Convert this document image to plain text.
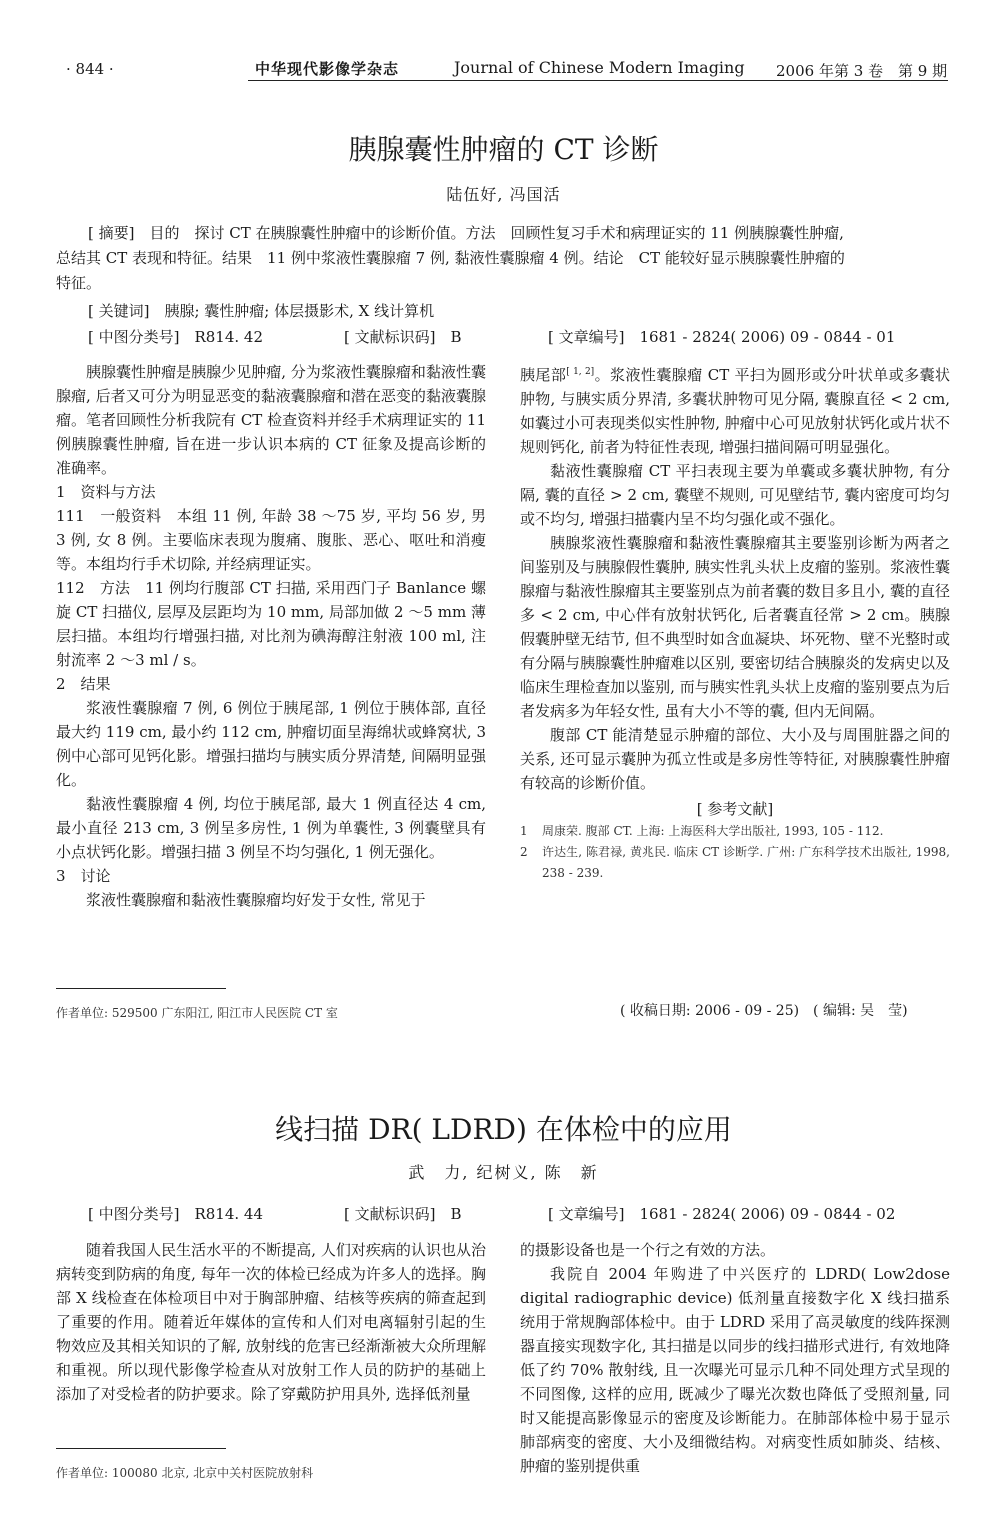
· 844 ·	中华现代影像学杂志	Journal of Chinese Modern Imaging 2006 年第 3 卷　第 9 期
胰腺囊性肿瘤的 CT 诊断
陆伍好, 冯国活
[ 摘要]　目的　探讨 CT 在胰腺囊性肿瘤中的诊断价值。方法　回顾性复习手术和病理证实的 11 例胰腺囊性肿瘤,
总结其 CT 表现和特征。结果　11 例中浆液性囊腺瘤 7 例, 黏液性囊腺瘤 4 例。结论　CT 能较好显示胰腺囊性肿瘤的
特征。
[ 关键词]　胰腺; 囊性肿瘤; 体层摄影术, X 线计算机
[ 中图分类号]　R814. 42	[ 文献标识码]　B	[ 文章编号]　1681 - 2824( 2006) 09 - 0844 - 01

胰腺囊性肿瘤是胰腺少见肿瘤, 分为浆液性囊腺瘤和黏液性囊腺瘤, 后者又可分为明显恶变的黏液囊腺瘤和潜在恶变的黏液囊腺瘤。笔者回顾性分析我院有 CT 检查资料并经手术病理证实的 11 例胰腺囊性肿瘤, 旨在进一步认识本病的 CT 征象及提高诊断的准确率。

1　资料与方法
111　一般资料　本组 11 例, 年龄 38 ～75 岁, 平均 56 岁, 男 3 例, 女 8 例。主要临床表现为腹痛、腹胀、恶心、呕吐和消瘦等。本组均行手术切除, 并经病理证实。
112　方法　11 例均行腹部 CT 扫描, 采用西门子 Banlance 螺旋 CT 扫描仪, 层厚及层距均为 10 mm, 局部加做 2 ～5 mm 薄层扫描。本组均行增强扫描, 对比剂为碘海醇注射液 100 ml, 注射流率 2 ～3 ml / s。
2　结果

浆液性囊腺瘤 7 例, 6 例位于胰尾部, 1 例位于胰体部, 直径最大约 119 cm, 最小约 112 cm, 肿瘤切面呈海绵状或蜂窝状, 3 例中心部可见钙化影。增强扫描均与胰实质分界清楚, 间隔明显强化。

黏液性囊腺瘤 4 例, 均位于胰尾部, 最大 1 例直径达 4 cm, 最小直径 213 cm, 3 例呈多房性, 1 例为单囊性, 3 例囊壁具有小点状钙化影。增强扫描 3 例呈不均匀强化, 1 例无强化。

3　讨论

浆液性囊腺瘤和黏液性囊腺瘤均好发于女性, 常见于

作者单位: 529500 广东阳江, 阳江市人民医院 CT 室
胰尾部[ 1, 2]。浆液性囊腺瘤 CT 平扫为圆形或分叶状单或多囊状肿物, 与胰实质分界清, 多囊状肿物可见分隔, 囊腺直径 < 2 cm, 如囊过小可表现类似实性肿物, 肿瘤中心可见放射状钙化或片状不规则钙化, 前者为特征性表现, 增强扫描间隔可明显强化。

黏液性囊腺瘤 CT 平扫表现主要为单囊或多囊状肿物, 有分隔, 囊的直径 > 2 cm, 囊壁不规则, 可见壁结节, 囊内密度可均匀或不均匀, 增强扫描囊内呈不均匀强化或不强化。

胰腺浆液性囊腺瘤和黏液性囊腺瘤其主要鉴别诊断为两者之间鉴别及与胰腺假性囊肿, 胰实性乳头状上皮瘤的鉴别。浆液性囊腺瘤与黏液性腺瘤其主要鉴别点为前者囊的数目多且小, 囊的直径多 < 2 cm, 中心伴有放射状钙化, 后者囊直径常 > 2 cm。胰腺假囊肿壁无结节, 但不典型时如含血凝块、坏死物、壁不光整时或有分隔与胰腺囊性肿瘤难以区别, 要密切结合胰腺炎的发病史以及临床生理检查加以鉴别, 而与胰实性乳头状上皮瘤的鉴别要点为后者发病多为年轻女性, 虽有大小不等的囊, 但内无间隔。

腹部 CT 能清楚显示肿瘤的部位、大小及与周围脏器之间的关系, 还可显示囊肿为孤立性或是多房性等特征, 对胰腺囊性肿瘤有较高的诊断价值。

[ 参考文献]
1	周康荣. 腹部 CT. 上海: 上海医科大学出版社, 1993, 105 - 112.
2	许达生, 陈君禄, 黄兆民. 临床 CT 诊断学. 广州: 广东科学技术出版社, 1998, 238 - 239.
( 收稿日期: 2006 - 09 - 25)　( 编辑: 吴　莹)
线扫描 DR( LDRD) 在体检中的应用
武　力, 纪树义, 陈　新
[ 中图分类号]　R814. 44	[ 文献标识码]　B	[ 文章编号]　1681 - 2824( 2006) 09 - 0844 - 02

随着我国人民生活水平的不断提高, 人们对疾病的认识也从治病转变到防病的角度, 每年一次的体检已经成为许多人的选择。胸部 X 线检查在体检项目中对于胸部肿瘤、结核等疾病的筛查起到了重要的作用。随着近年媒体的宣传和人们对电离辐射引起的生物效应及其相关知识的了解, 放射线的危害已经渐渐被大众所理解和重视。所以现代影像学检查从对放射工作人员的防护的基础上添加了对受检者的防护要求。除了穿戴防护用具外, 选择低剂量

作者单位: 100080 北京, 北京中关村医院放射科
的摄影设备也是一个行之有效的方法。

我院自 2004 年购进了中兴医疗的 LDRD( Low2dose digital radiographic device) 低剂量直接数字化 X 线扫描系统用于常规胸部体检中。由于 LDRD 采用了高灵敏度的线阵探测器直接实现数字化, 其扫描是以同步的线扫描形式进行, 有效地降低了约 70% 散射线, 且一次曝光可显示几种不同处理方式呈现的不同图像, 这样的应用, 既减少了曝光次数也降低了受照剂量, 同时又能提高影像显示的密度及诊断能力。在肺部体检中易于显示肺部病变的密度、大小及细微结构。对病变性质如肺炎、结核、肿瘤的鉴别提供重
